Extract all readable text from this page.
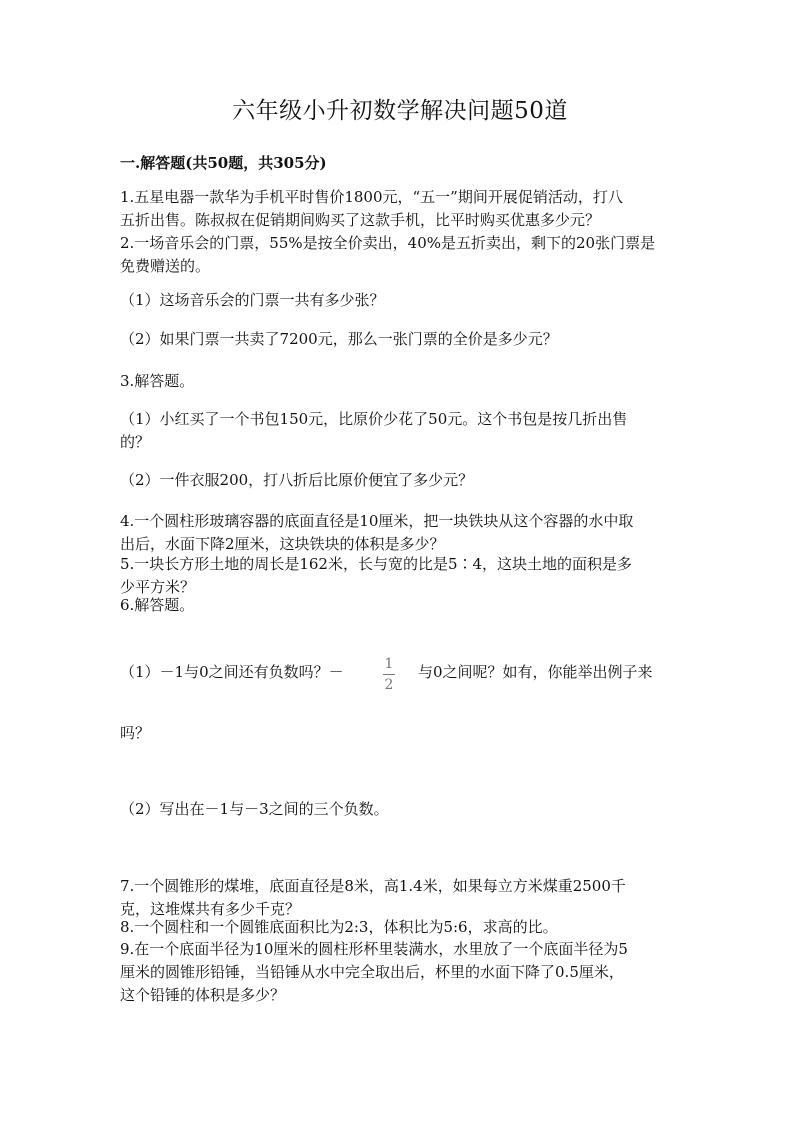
六年级小升初数学解决问题50道
一.解答题(共50题，共305分)
1.五星电器一款华为手机平时售价1800元，“五一”期间开展促销活动，打八
五折出售。陈叔叔在促销期间购买了这款手机，比平时购买优惠多少元？
2.一场音乐会的门票，55%是按全价卖出，40%是五折卖出，剩下的20张门票是
免费赠送的。
（1）这场音乐会的门票一共有多少张？
（2）如果门票一共卖了7200元，那么一张门票的全价是多少元？
3.解答题。
（1）小红买了一个书包150元，比原价少花了50元。这个书包是按几折出售
的？
（2）一件衣服200，打八折后比原价便宜了多少元？
4.一个圆柱形玻璃容器的底面直径是10厘米，把一块铁块从这个容器的水中取
出后，水面下降2厘米，这块铁块的体积是多少？
5.一块长方形土地的周长是162米，长与宽的比是5∶4，这块土地的面积是多
少平方米？
6.解答题。
（1）－1与0之间还有负数吗？－	1
2
与0之间呢？如有，你能举出例子来
吗？
（2）写出在－1与－3之间的三个负数。
7.一个圆锥形的煤堆，底面直径是8米，高1.4米，如果每立方米煤重2500千
克，这堆煤共有多少千克？
8.一个圆柱和一个圆锥底面积比为2:3，体积比为5:6，求高的比。
9.在一个底面半径为10厘米的圆柱形杯里装满水，水里放了一个底面半径为5
厘米的圆锥形铅锤，当铅锤从水中完全取出后，杯里的水面下降了0.5厘米，
这个铅锤的体积是多少？
